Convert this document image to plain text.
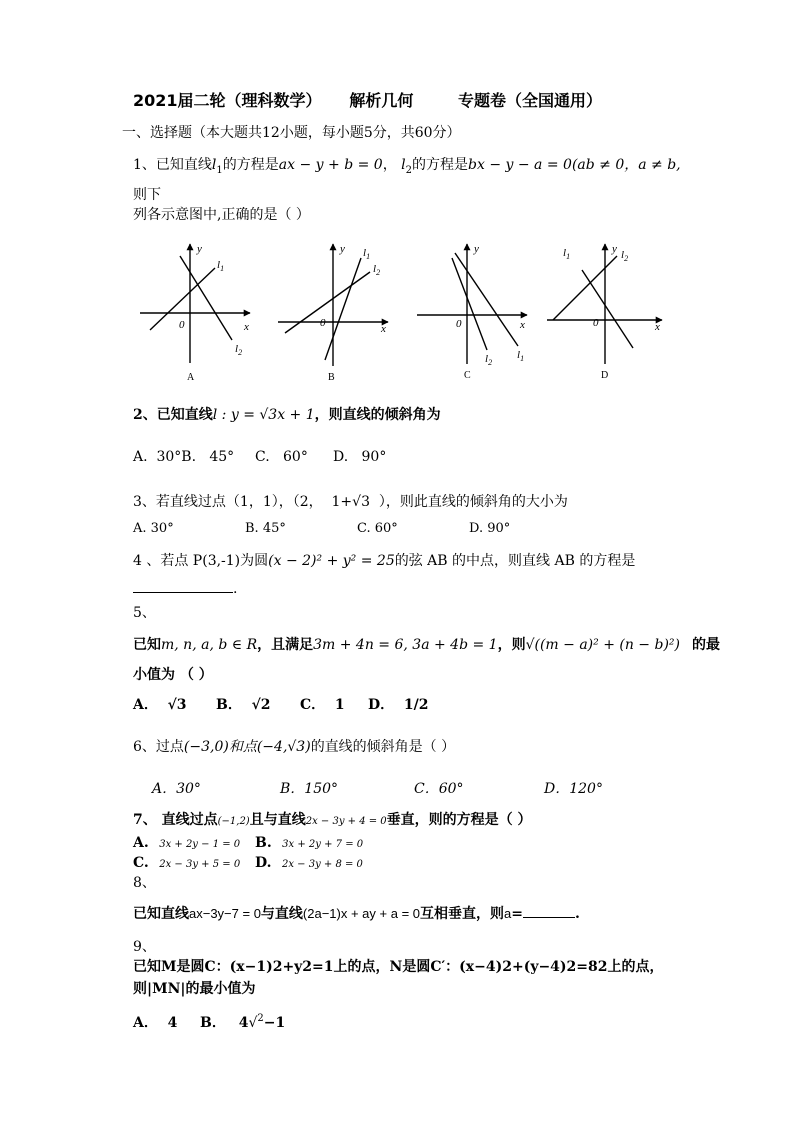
2021届二轮（理科数学）     解析几何        专题卷（全国通用）
一、选择题（本大题共12小题，每小题5分，共60分）
1、已知直线$l_1$的方程是ax − y + b = 0， $l_2$的方程是bx − y − a = 0(ab ≠ 0，a ≠ b,
则下
列各示意图中,正确的是（ ）
x
y
0
$l_1$
$l_2$
x
y
0
$l_1$
$l_2$
x
y
0
$l_2$
$l_1$
x
y
0
$l_1$	$l_2$
A	B	C	D
2、已知直线l : y = √3x + 1，则直线的倾斜角为
A.  30°B.   45° C.   60° D.   90°
3、若直线过点（1，1），（2，  1+√3  ），则此直线的倾斜角的大小为
A. 30°	B. 45°	C. 60°	D. 90°
4 、若点 P(3,-1)为圆(x − 2)² + y² = 25的弦 AB 的中点，则直线 AB 的方程是
.
5、
已知m, n, a, b ∈ R，且满足3m + 4n = 6, 3a + 4b = 1，则√((m − a)² + (n − b)²) 的最
小值为 （ ）
A．  √3 B．  √2 C．  1 D．  1/2
6、过点(−3,0)和点(−4,√3)的直线的倾斜角是（ ）
A．30°	B．150°	C．60°	D．120°
7、 直线过点(−1,2)且与直线2x − 3y + 4 = 0垂直，则的方程是（ ）
A. 3x + 2y − 1 = 0 B. 3x + 2y + 7 = 0
C. 2x − 3y + 5 = 0 D. 2x − 3y + 8 = 0
8、
已知直线ax−3y−7 = 0与直线(2a−1)x + ay + a = 0互相垂直，则a=	.
9、
已知M是圆C：(x−1)2+y2=1上的点，N是圆C′：(x−4)2+(y−4)2=82上的点，
则|MN|的最小值为
A．  4 B． 4√$^2$−1
